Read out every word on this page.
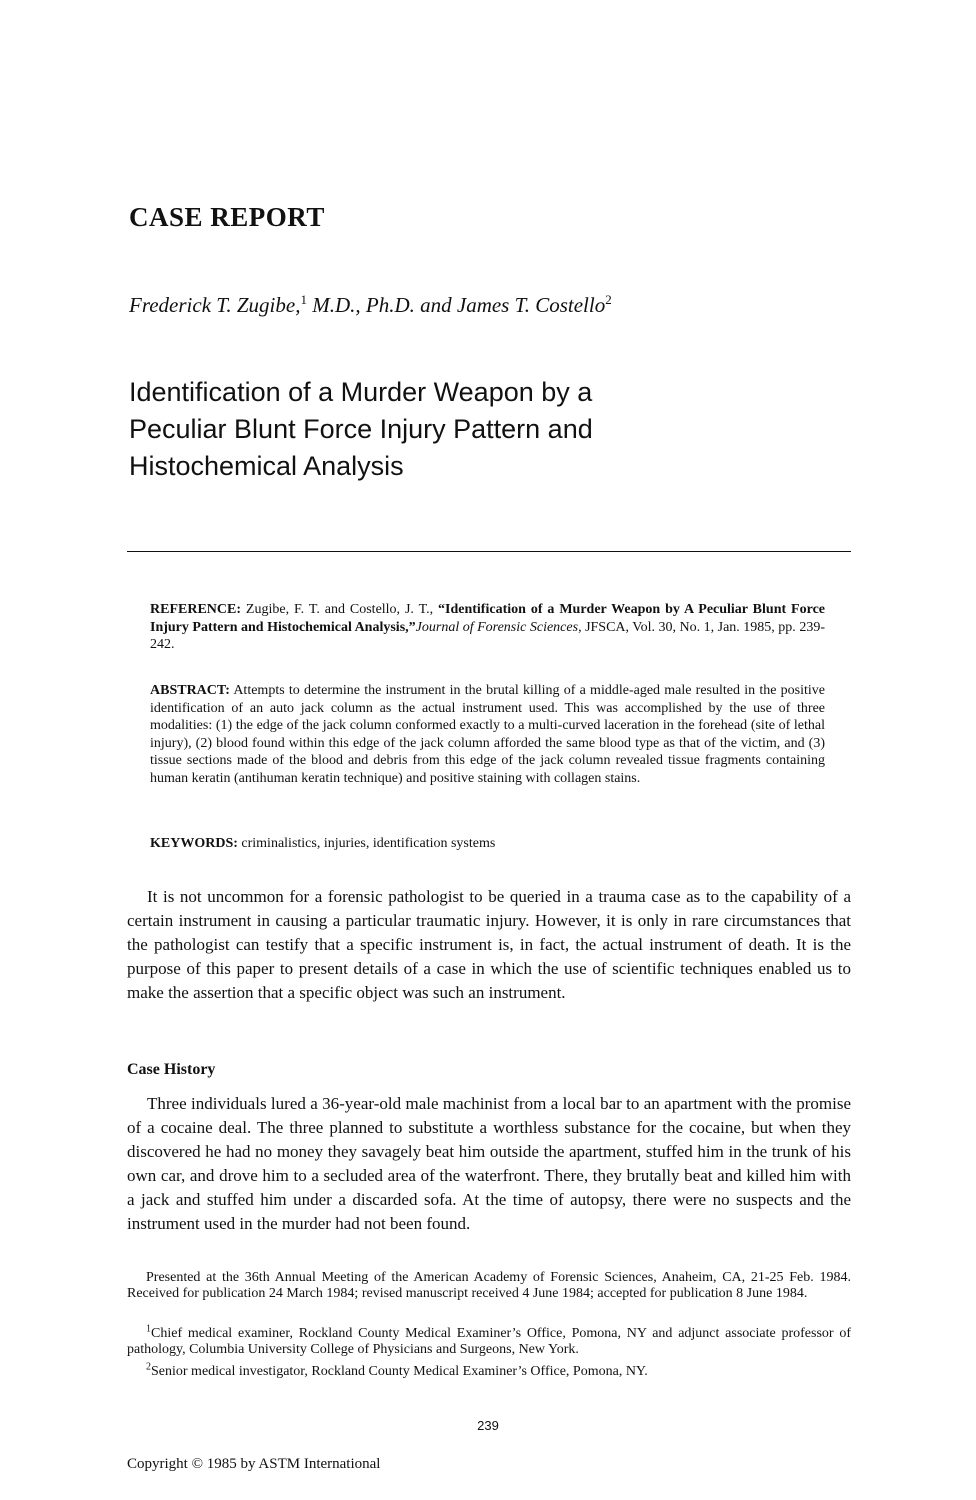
CASE REPORT
Frederick T. Zugibe,$^1$ M.D., Ph.D. and James T. Costello$^2$
Identification of a Murder Weapon by a
Peculiar Blunt Force Injury Pattern and
Histochemical Analysis
REFERENCE: Zugibe, F. T. and Costello, J. T., “Identification of a Murder Weapon by A Peculiar Blunt Force Injury Pattern and Histochemical Analysis,”Journal of Forensic Sciences, JFSCA, Vol. 30, No. 1, Jan. 1985, pp. 239-242.
ABSTRACT: Attempts to determine the instrument in the brutal killing of a middle-aged male resulted in the positive identification of an auto jack column as the actual instrument used. This was accomplished by the use of three modalities: (1) the edge of the jack column conformed exactly to a multi-curved laceration in the forehead (site of lethal injury), (2) blood found within this edge of the jack column afforded the same blood type as that of the victim, and (3) tissue sections made of the blood and debris from this edge of the jack column revealed tissue fragments containing human keratin (antihuman keratin technique) and positive staining with collagen stains.
KEYWORDS: criminalistics, injuries, identification systems
It is not uncommon for a forensic pathologist to be queried in a trauma case as to the capability of a certain instrument in causing a particular traumatic injury. However, it is only in rare circumstances that the pathologist can testify that a specific instrument is, in fact, the actual instrument of death. It is the purpose of this paper to present details of a case in which the use of scientific techniques enabled us to make the assertion that a specific object was such an instrument.
Case History
Three individuals lured a 36-year-old male machinist from a local bar to an apartment with the promise of a cocaine deal. The three planned to substitute a worthless substance for the cocaine, but when they discovered he had no money they savagely beat him outside the apartment, stuffed him in the trunk of his own car, and drove him to a secluded area of the waterfront. There, they brutally beat and killed him with a jack and stuffed him under a discarded sofa. At the time of autopsy, there were no suspects and the instrument used in the murder had not been found.
Presented at the 36th Annual Meeting of the American Academy of Forensic Sciences, Anaheim, CA, 21-25 Feb. 1984. Received for publication 24 March 1984; revised manuscript received 4 June 1984; accepted for publication 8 June 1984.
$^1$Chief medical examiner, Rockland County Medical Examiner’s Office, Pomona, NY and adjunct associate professor of pathology, Columbia University College of Physicians and Surgeons, New York.
$^2$Senior medical investigator, Rockland County Medical Examiner’s Office, Pomona, NY.
239
Copyright © 1985 by ASTM International
